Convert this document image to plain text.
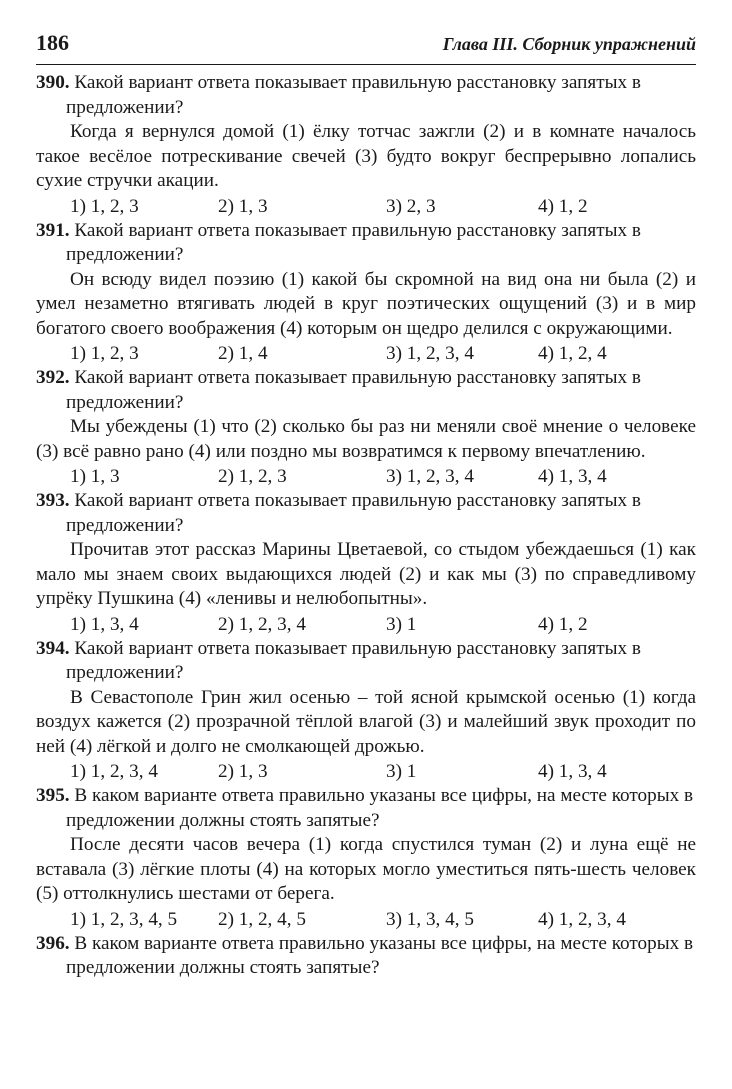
186	Глава III. Сборник упражнений

390. Какой вариант ответа показывает правильную расстановку запятых в предложении?

Когда я вернулся домой (1) ёлку тотчас зажгли (2) и в комнате началось такое весёлое потрескивание свечей (3) будто вокруг беспрерывно лопались сухие стручки акации.

1) 1, 2, 3	2) 1, 3	3) 2, 3	4) 1, 2

391. Какой вариант ответа показывает правильную расстановку запятых в предложении?

Он всюду видел поэзию (1) какой бы скромной на вид она ни была (2) и умел незаметно втягивать людей в круг поэтических ощущений (3) и в мир богатого своего воображения (4) которым он щедро делился с окружающими.

1) 1, 2, 3	2) 1, 4	3) 1, 2, 3, 4	4) 1, 2, 4

392. Какой вариант ответа показывает правильную расстановку запятых в предложении?

Мы убеждены (1) что (2) сколько бы раз ни меняли своё мнение о человеке (3) всё равно рано (4) или поздно мы возвратимся к первому впечатлению.

1) 1, 3	2) 1, 2, 3	3) 1, 2, 3, 4	4) 1, 3, 4

393. Какой вариант ответа показывает правильную расстановку запятых в предложении?

Прочитав этот рассказ Марины Цветаевой, со стыдом убеждаешься (1) как мало мы знаем своих выдающихся людей (2) и как мы (3) по справедливому упрёку Пушкина (4) «ленивы и нелюбопытны».

1) 1, 3, 4	2) 1, 2, 3, 4	3) 1	4) 1, 2

394. Какой вариант ответа показывает правильную расстановку запятых в предложении?

В Севастополе Грин жил осенью – той ясной крымской осенью (1) когда воздух кажется (2) прозрачной тёплой влагой (3) и малейший звук проходит по ней (4) лёгкой и долго не смолкающей дрожью.

1) 1, 2, 3, 4	2) 1, 3	3) 1	4) 1, 3, 4

395. В каком варианте ответа правильно указаны все цифры, на месте которых в предложении должны стоять запятые?

После десяти часов вечера (1) когда спустился туман (2) и луна ещё не вставала (3) лёгкие плоты (4) на которых могло уместиться пять-шесть человек (5) оттолкнулись шестами от берега.

1) 1, 2, 3, 4, 5	2) 1, 2, 4, 5	3) 1, 3, 4, 5	4) 1, 2, 3, 4

396. В каком варианте ответа правильно указаны все цифры, на месте которых в предложении должны стоять запятые?
